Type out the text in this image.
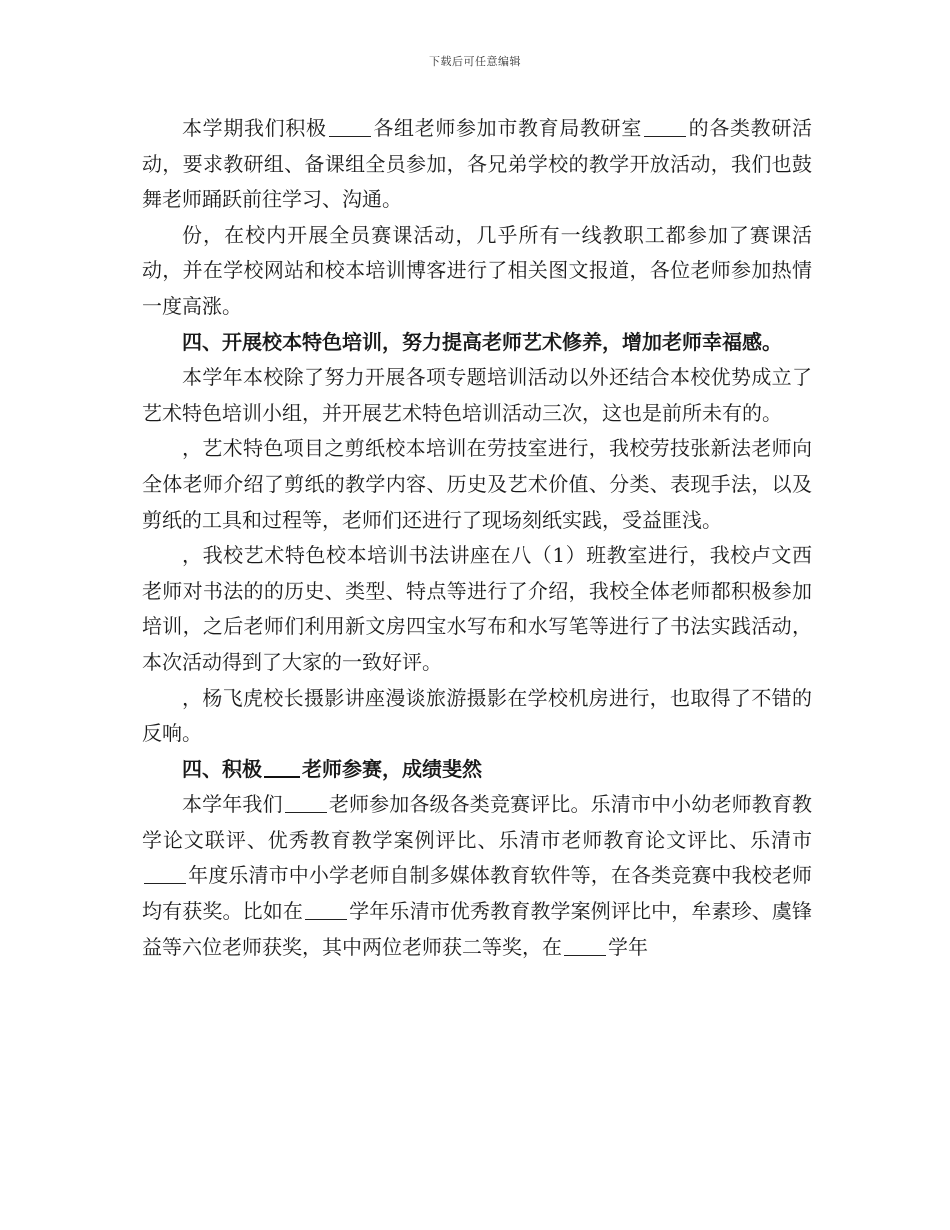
下载后可任意编辑

本学期我们积极 各组老师参加市教育局教研室 的各类教研活动，要求教研组、备课组全员参加，各兄弟学校的教学开放活动，我们也鼓舞老师踊跃前往学习、沟通。

份，在校内开展全员赛课活动，几乎所有一线教职工都参加了赛课活动，并在学校网站和校本培训博客进行了相关图文报道，各位老师参加热情一度高涨。

四、开展校本特色培训，努力提高老师艺术修养，增加老师幸福感。

本学年本校除了努力开展各项专题培训活动以外还结合本校优势成立了艺术特色培训小组，并开展艺术特色培训活动三次，这也是前所未有的。

，艺术特色项目之剪纸校本培训在劳技室进行，我校劳技张新法老师向全体老师介绍了剪纸的教学内容、历史及艺术价值、分类、表现手法，以及剪纸的工具和过程等，老师们还进行了现场刻纸实践，受益匪浅。

，我校艺术特色校本培训书法讲座在八（1）班教室进行，我校卢文西老师对书法的的历史、类型、特点等进行了介绍，我校全体老师都积极参加培训，之后老师们利用新文房四宝水写布和水写笔等进行了书法实践活动，本次活动得到了大家的一致好评。

，杨飞虎校长摄影讲座漫谈旅游摄影在学校机房进行，也取得了不错的反响。

四、积极 老师参赛，成绩斐然

本学年我们 老师参加各级各类竞赛评比。乐清市中小幼老师教育教学论文联评、优秀教育教学案例评比、乐清市老师教育论文评比、乐清市年度乐清市中小学老师自制多媒体教育软件等，在各类竞赛中我校老师均有获奖。比如在 学年乐清市优秀教育教学案例评比中，牟素珍、虞锋益等六位老师获奖，其中两位老师获二等奖，在 学年
